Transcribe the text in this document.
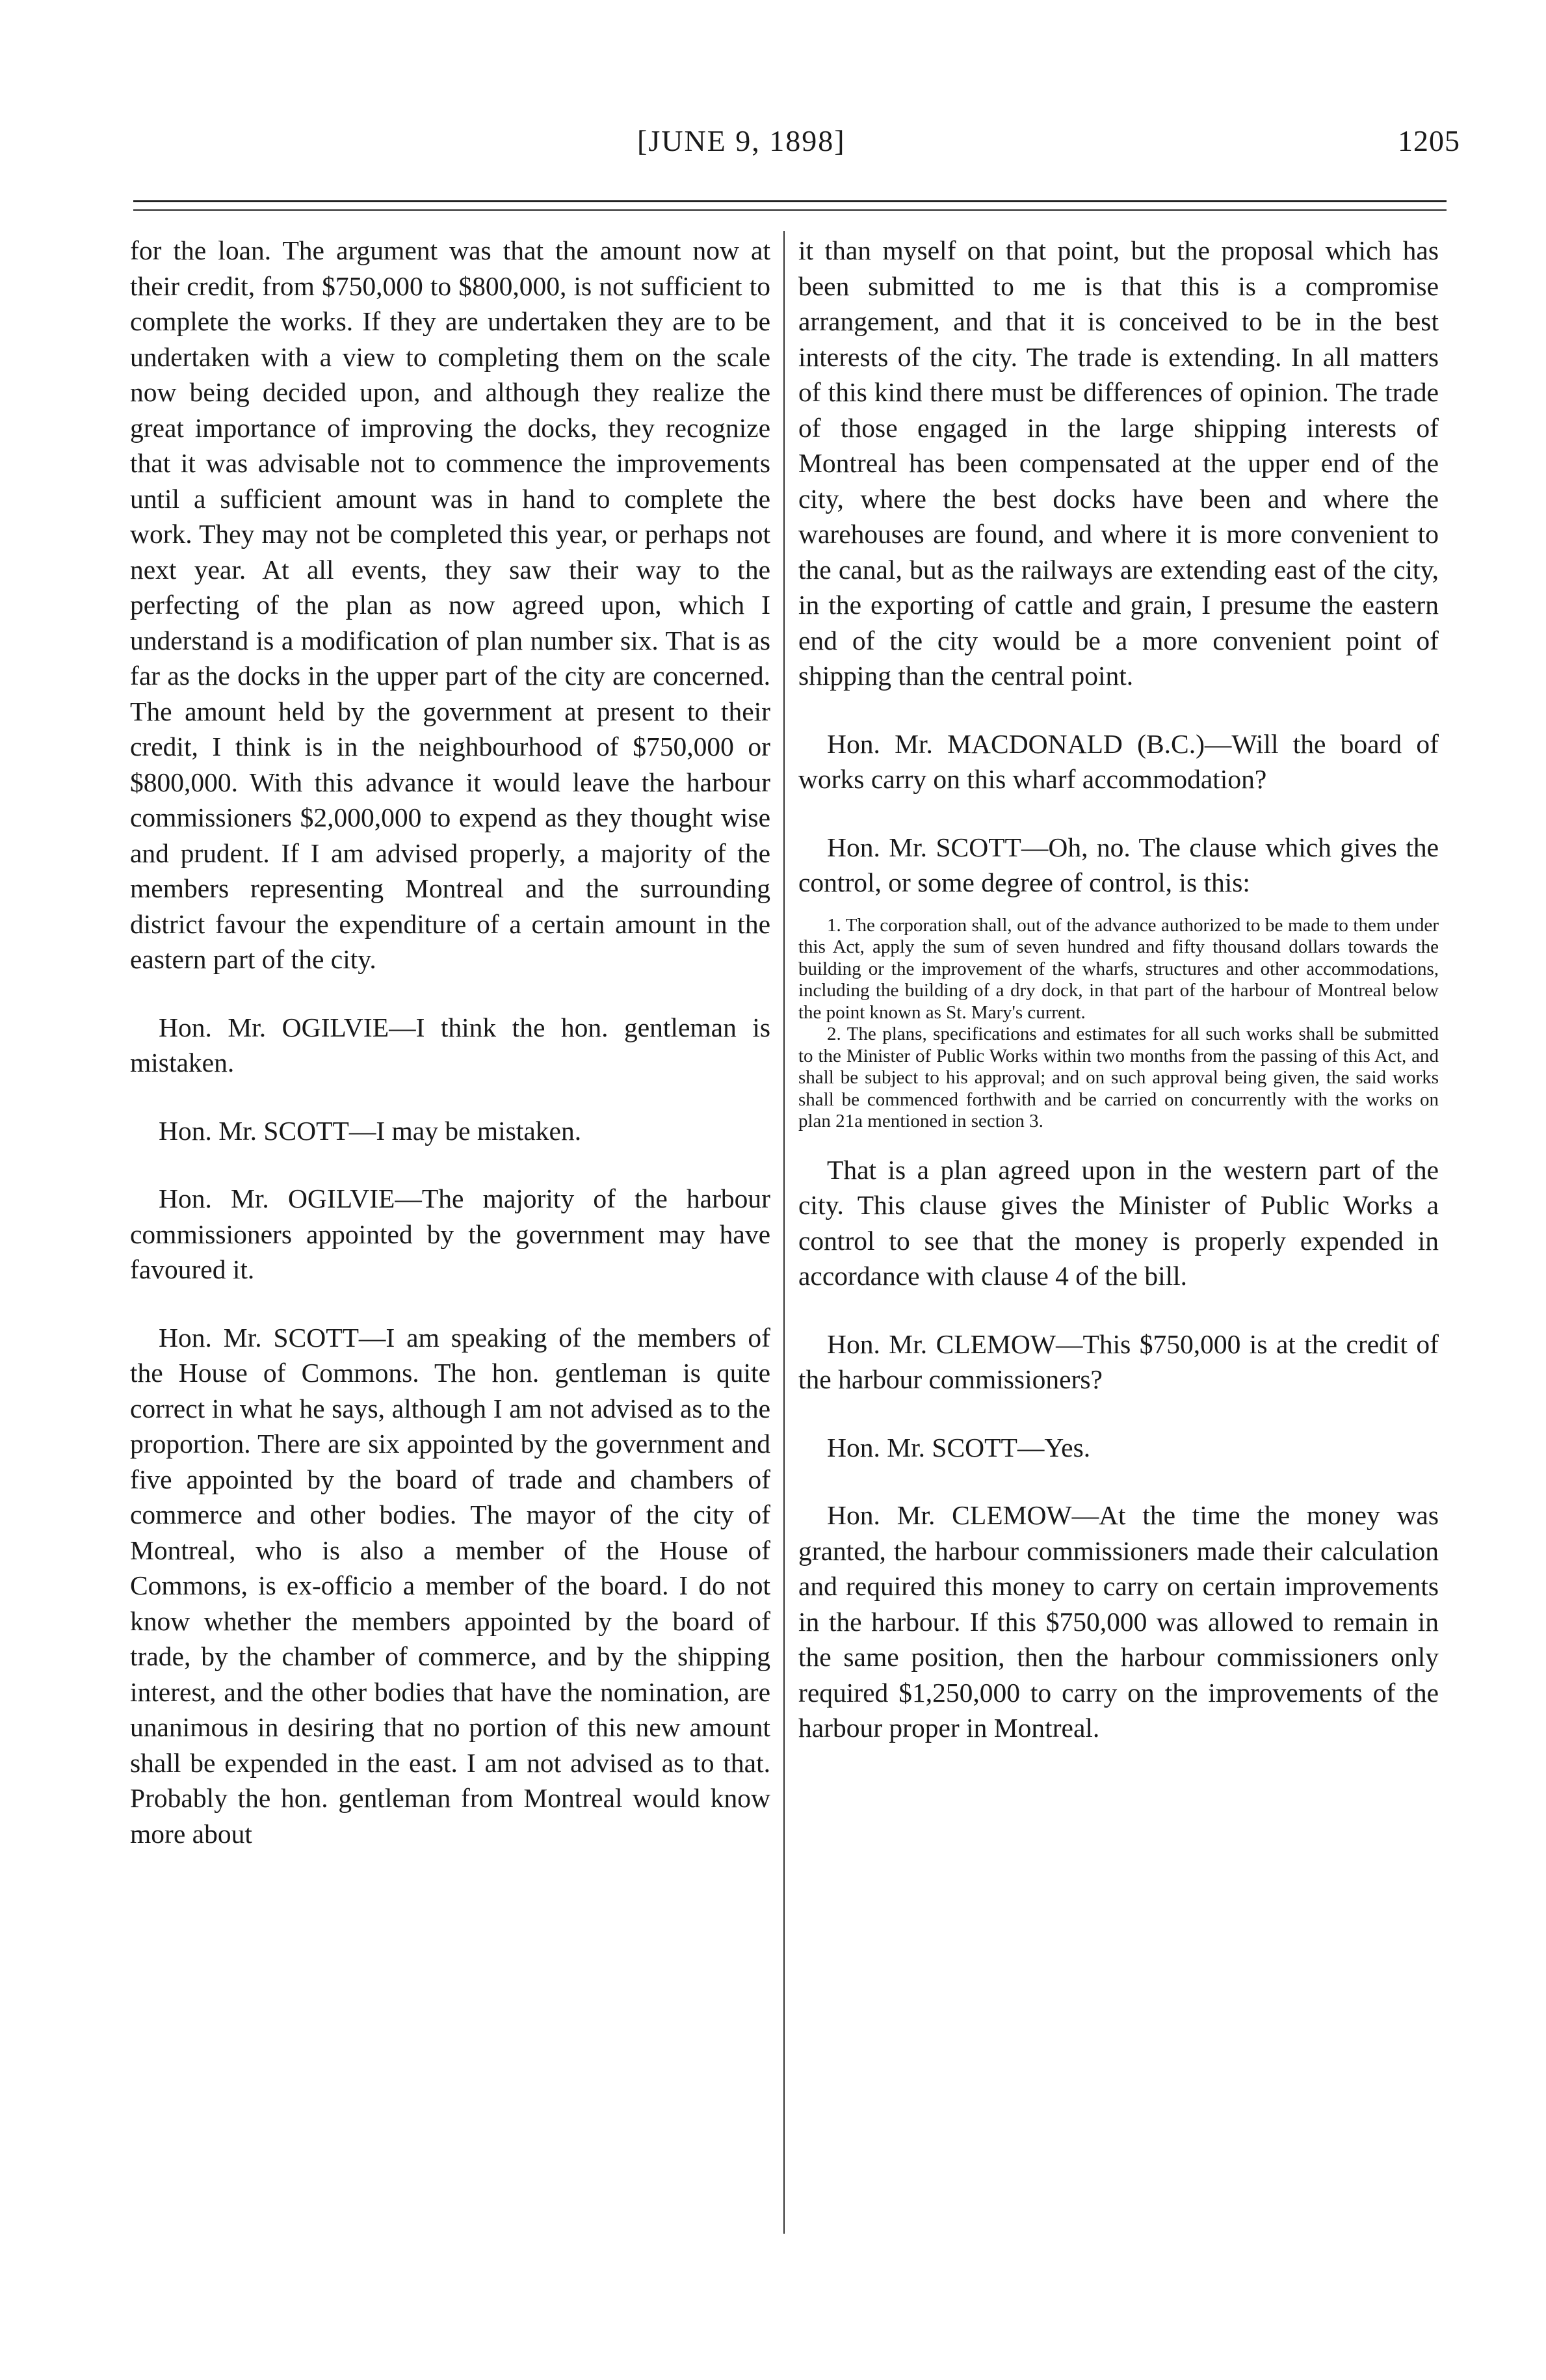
[JUNE 9, 1898]	1205

for the loan. The argument was that the amount now at their credit, from $750,000 to $800,000, is not sufficient to complete the works. If they are undertaken they are to be undertaken with a view to completing them on the scale now being decided upon, and although they realize the great importance of improving the docks, they recognize that it was advisable not to commence the improvements until a sufficient amount was in hand to complete the work. They may not be completed this year, or perhaps not next year. At all events, they saw their way to the perfecting of the plan as now agreed upon, which I understand is a modification of plan number six. That is as far as the docks in the upper part of the city are concerned. The amount held by the government at present to their credit, I think is in the neighbourhood of $750,000 or $800,000. With this advance it would leave the harbour commissioners $2,000,000 to expend as they thought wise and prudent. If I am advised properly, a majority of the members representing Montreal and the surrounding district favour the expenditure of a certain amount in the eastern part of the city.

Hon. Mr. OGILVIE—I think the hon. gentleman is mistaken.

Hon. Mr. SCOTT—I may be mistaken.

Hon. Mr. OGILVIE—The majority of the harbour commissioners appointed by the government may have favoured it.

Hon. Mr. SCOTT—I am speaking of the members of the House of Commons. The hon. gentleman is quite correct in what he says, although I am not advised as to the proportion. There are six appointed by the government and five appointed by the board of trade and chambers of commerce and other bodies. The mayor of the city of Montreal, who is also a member of the House of Commons, is ex-officio a member of the board. I do not know whether the members appointed by the board of trade, by the chamber of commerce, and by the shipping interest, and the other bodies that have the nomination, are unanimous in desiring that no portion of this new amount shall be expended in the east. I am not advised as to that. Probably the hon. gentleman from Montreal would know more about

it than myself on that point, but the proposal which has been submitted to me is that this is a compromise arrangement, and that it is conceived to be in the best interests of the city. The trade is extending. In all matters of this kind there must be differences of opinion. The trade of those engaged in the large shipping interests of Montreal has been compensated at the upper end of the city, where the best docks have been and where the warehouses are found, and where it is more convenient to the canal, but as the railways are extending east of the city, in the exporting of cattle and grain, I presume the eastern end of the city would be a more convenient point of shipping than the central point.

Hon. Mr. MACDONALD (B.C.)—Will the board of works carry on this wharf accommodation?

Hon. Mr. SCOTT—Oh, no. The clause which gives the control, or some degree of control, is this:

1. The corporation shall, out of the advance authorized to be made to them under this Act, apply the sum of seven hundred and fifty thousand dollars towards the building or the improvement of the wharfs, structures and other accommodations, including the building of a dry dock, in that part of the harbour of Montreal below the point known as St. Mary's current.

2. The plans, specifications and estimates for all such works shall be submitted to the Minister of Public Works within two months from the passing of this Act, and shall be subject to his approval; and on such approval being given, the said works shall be commenced forthwith and be carried on concurrently with the works on plan 21a mentioned in section 3.

That is a plan agreed upon in the western part of the city. This clause gives the Minister of Public Works a control to see that the money is properly expended in accordance with clause 4 of the bill.

Hon. Mr. CLEMOW—This $750,000 is at the credit of the harbour commissioners?

Hon. Mr. SCOTT—Yes.

Hon. Mr. CLEMOW—At the time the money was granted, the harbour commissioners made their calculation and required this money to carry on certain improvements in the harbour. If this $750,000 was allowed to remain in the same position, then the harbour commissioners only required $1,250,000 to carry on the improvements of the harbour proper in Montreal.
